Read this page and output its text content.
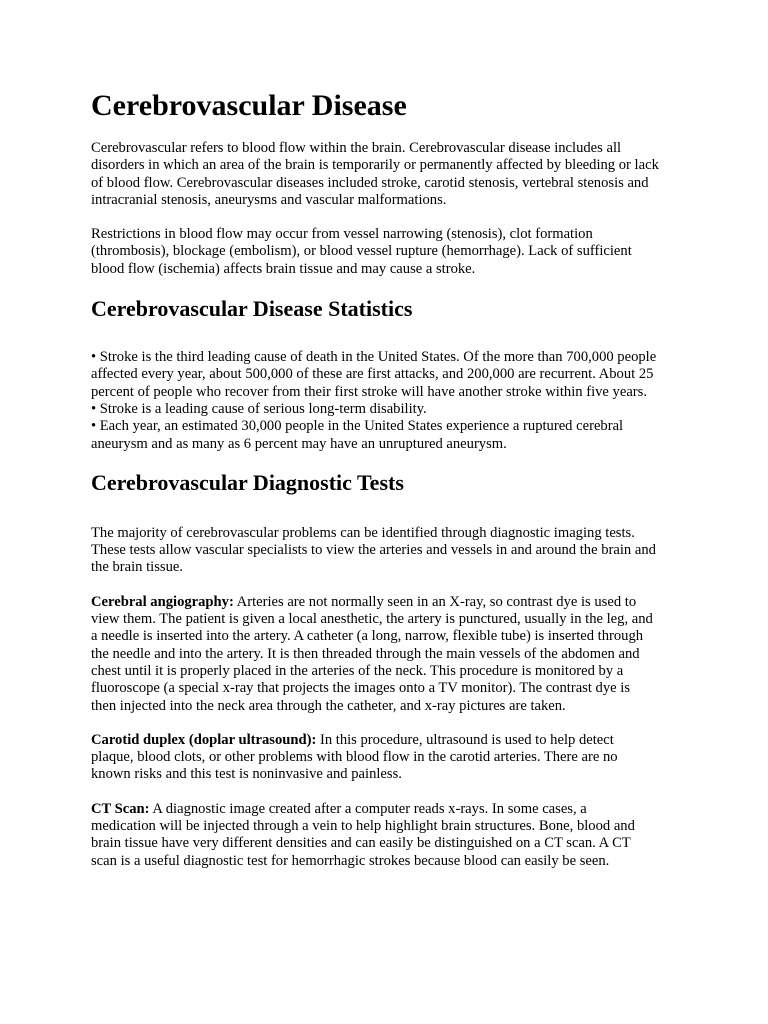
Cerebrovascular Disease

Cerebrovascular refers to blood flow within the brain. Cerebrovascular disease includes all
disorders in which an area of the brain is temporarily or permanently affected by bleeding or lack
of blood flow. Cerebrovascular diseases included stroke, carotid stenosis, vertebral stenosis and
intracranial stenosis, aneurysms and vascular malformations.

Restrictions in blood flow may occur from vessel narrowing (stenosis), clot formation
(thrombosis), blockage (embolism), or blood vessel rupture (hemorrhage). Lack of sufficient
blood flow (ischemia) affects brain tissue and may cause a stroke.

Cerebrovascular Disease Statistics

• Stroke is the third leading cause of death in the United States. Of the more than 700,000 people
affected every year, about 500,000 of these are first attacks, and 200,000 are recurrent. About 25
percent of people who recover from their first stroke will have another stroke within five years.
• Stroke is a leading cause of serious long-term disability.
• Each year, an estimated 30,000 people in the United States experience a ruptured cerebral
aneurysm and as many as 6 percent may have an unruptured aneurysm.

Cerebrovascular Diagnostic Tests

The majority of cerebrovascular problems can be identified through diagnostic imaging tests.
These tests allow vascular specialists to view the arteries and vessels in and around the brain and
the brain tissue.

Cerebral angiography: Arteries are not normally seen in an X-ray, so contrast dye is used to
view them. The patient is given a local anesthetic, the artery is punctured, usually in the leg, and
a needle is inserted into the artery. A catheter (a long, narrow, flexible tube) is inserted through
the needle and into the artery. It is then threaded through the main vessels of the abdomen and
chest until it is properly placed in the arteries of the neck. This procedure is monitored by a
fluoroscope (a special x-ray that projects the images onto a TV monitor). The contrast dye is
then injected into the neck area through the catheter, and x-ray pictures are taken.

Carotid duplex (doplar ultrasound): In this procedure, ultrasound is used to help detect
plaque, blood clots, or other problems with blood flow in the carotid arteries. There are no
known risks and this test is noninvasive and painless.

CT Scan: A diagnostic image created after a computer reads x-rays. In some cases, a
medication will be injected through a vein to help highlight brain structures. Bone, blood and
brain tissue have very different densities and can easily be distinguished on a CT scan. A CT
scan is a useful diagnostic test for hemorrhagic strokes because blood can easily be seen.
